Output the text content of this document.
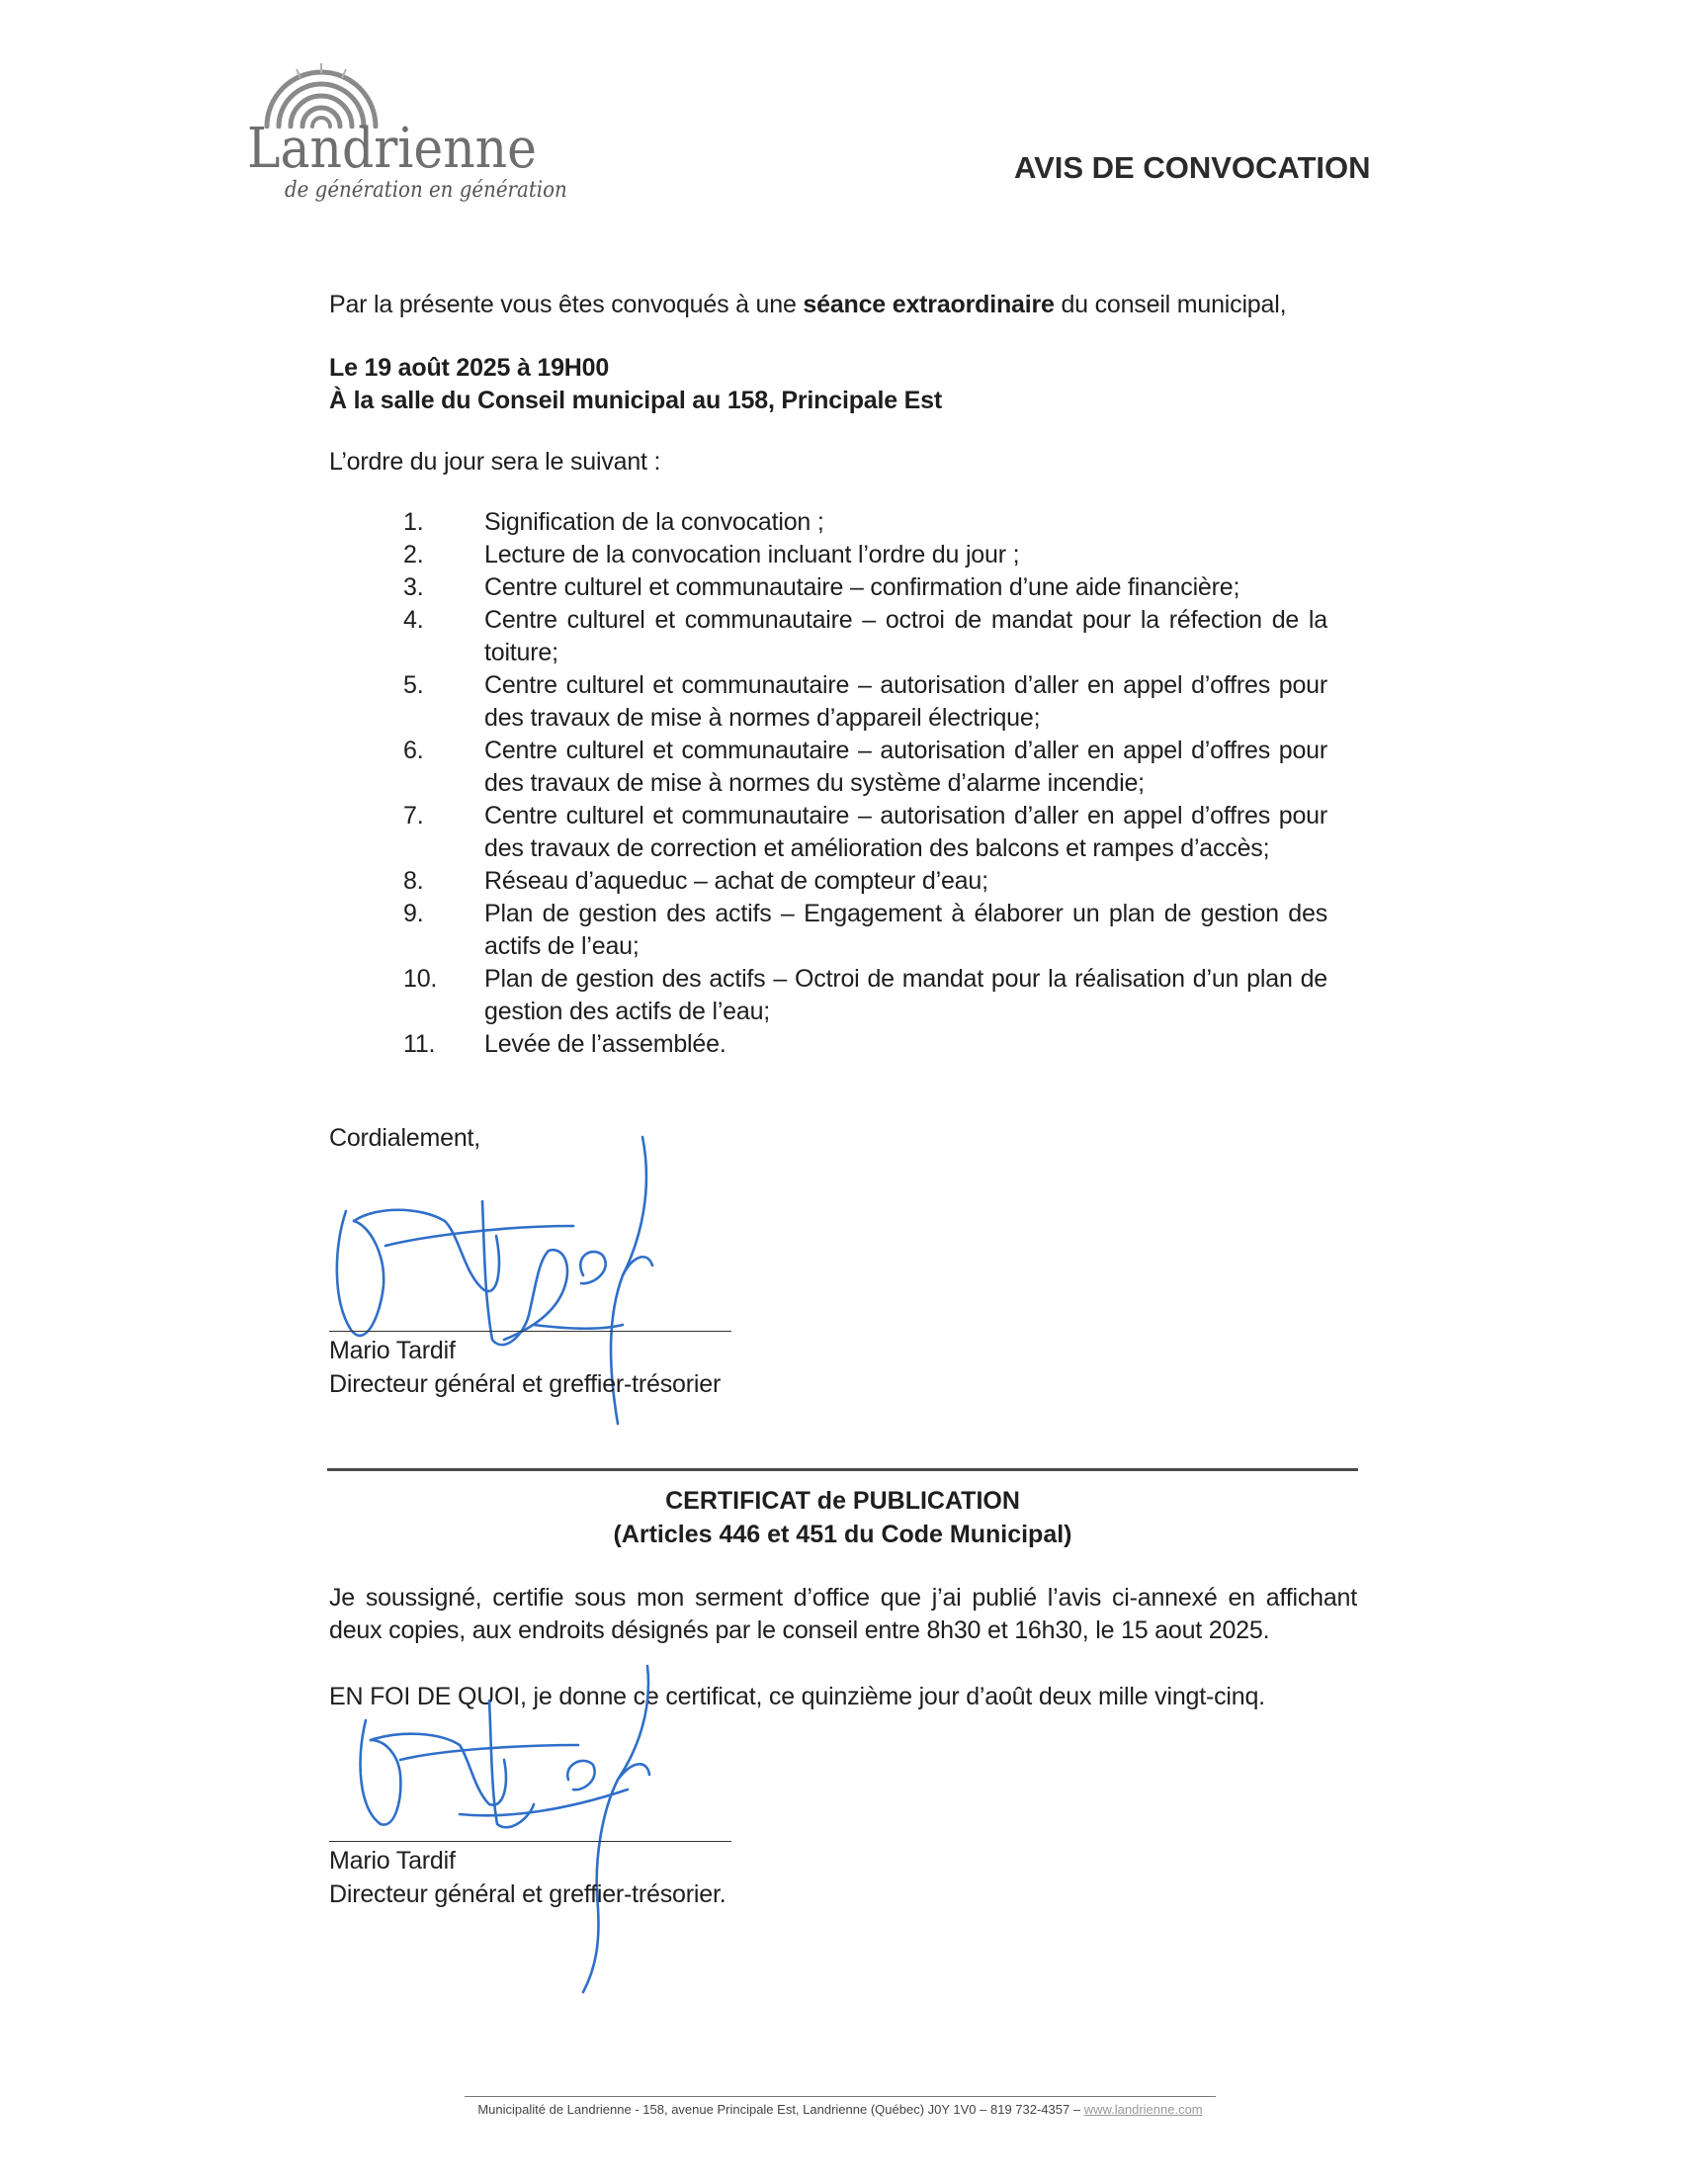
Landrienne
de génération en génération
AVIS DE CONVOCATION
Par la présente vous êtes convoqués à une séance extraordinaire du conseil municipal,
Le 19 août 2025 à 19H00
À la salle du Conseil municipal au 158, Principale Est
L’ordre du jour sera le suivant :
1. Signification de la convocation ;
2. Lecture de la convocation incluant l’ordre du jour ;
3. Centre culturel et communautaire – confirmation d’une aide financière;
4. Centre culturel et communautaire – octroi de mandat pour la réfection de la toiture;
5. Centre culturel et communautaire – autorisation d’aller en appel d’offres pour des travaux de mise à normes d’appareil électrique;
6. Centre culturel et communautaire – autorisation d’aller en appel d’offres pour des travaux de mise à normes du système d’alarme incendie;
7. Centre culturel et communautaire – autorisation d’aller en appel d’offres pour des travaux de correction et amélioration des balcons et rampes d’accès;
8. Réseau d’aqueduc – achat de compteur d’eau;
9. Plan de gestion des actifs – Engagement à élaborer un plan de gestion des actifs de l’eau;
10. Plan de gestion des actifs – Octroi de mandat pour la réalisation d’un plan de gestion des actifs de l’eau;
11. Levée de l’assemblée.
Cordialement,
Mario Tardif
Directeur général et greffier-trésorier
CERTIFICAT de PUBLICATION
(Articles 446 et 451 du Code Municipal)
Je soussigné, certifie sous mon serment d’office que j’ai publié l’avis ci-annexé en affichant deux copies, aux endroits désignés par le conseil entre 8h30 et 16h30, le 15 aout 2025.
EN FOI DE QUOI, je donne ce certificat, ce quinzième jour d’août deux mille vingt-cinq.
Mario Tardif
Directeur général et greffier-trésorier.
Municipalité de Landrienne - 158, avenue Principale Est, Landrienne (Québec) J0Y 1V0 – 819 732-4357 – www.landrienne.com
